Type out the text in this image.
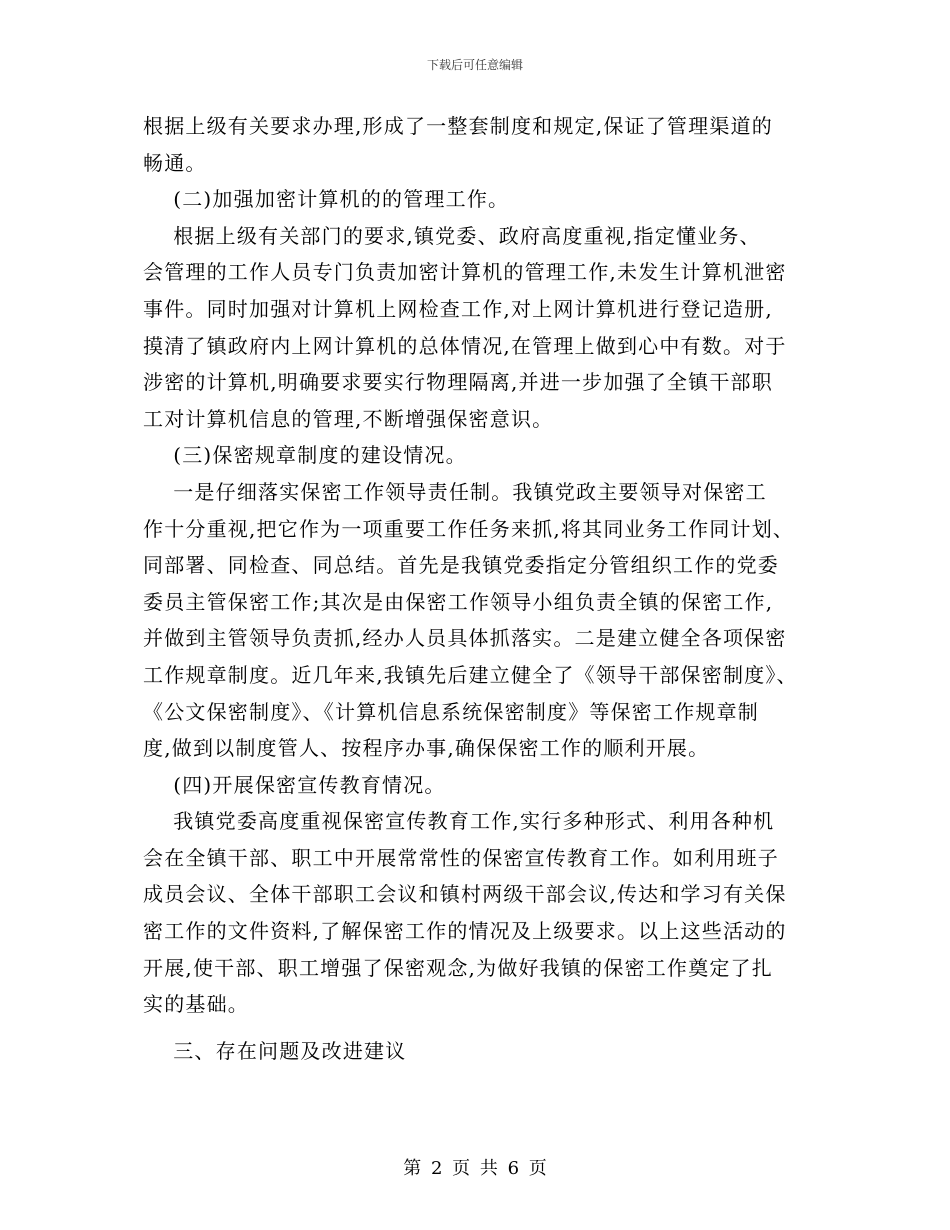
下载后可任意编辑
根据上级有关要求办理,形成了一整套制度和规定,保证了管理渠道的
畅通。
(二)加强加密计算机的的管理工作。
根据上级有关部门的要求,镇党委、政府高度重视,指定懂业务、
会管理的工作人员专门负责加密计算机的管理工作,未发生计算机泄密
事件。同时加强对计算机上网检查工作,对上网计算机进行登记造册,
摸清了镇政府内上网计算机的总体情况,在管理上做到心中有数。对于
涉密的计算机,明确要求要实行物理隔离,并进一步加强了全镇干部职
工对计算机信息的管理,不断增强保密意识。
(三)保密规章制度的建设情况。
一是仔细落实保密工作领导责任制。我镇党政主要领导对保密工
作十分重视,把它作为一项重要工作任务来抓,将其同业务工作同计划、
同部署、同检查、同总结。首先是我镇党委指定分管组织工作的党委
委员主管保密工作;其次是由保密工作领导小组负责全镇的保密工作,
并做到主管领导负责抓,经办人员具体抓落实。二是建立健全各项保密
工作规章制度。近几年来,我镇先后建立健全了《领导干部保密制度》、
《公文保密制度》、《计算机信息系统保密制度》等保密工作规章制
度,做到以制度管人、按程序办事,确保保密工作的顺利开展。
(四)开展保密宣传教育情况。
我镇党委高度重视保密宣传教育工作,实行多种形式、利用各种机
会在全镇干部、职工中开展常常性的保密宣传教育工作。如利用班子
成员会议、全体干部职工会议和镇村两级干部会议,传达和学习有关保
密工作的文件资料,了解保密工作的情况及上级要求。以上这些活动的
开展,使干部、职工增强了保密观念,为做好我镇的保密工作奠定了扎
实的基础。
三、存在问题及改进建议
第 2 页 共 6 页
